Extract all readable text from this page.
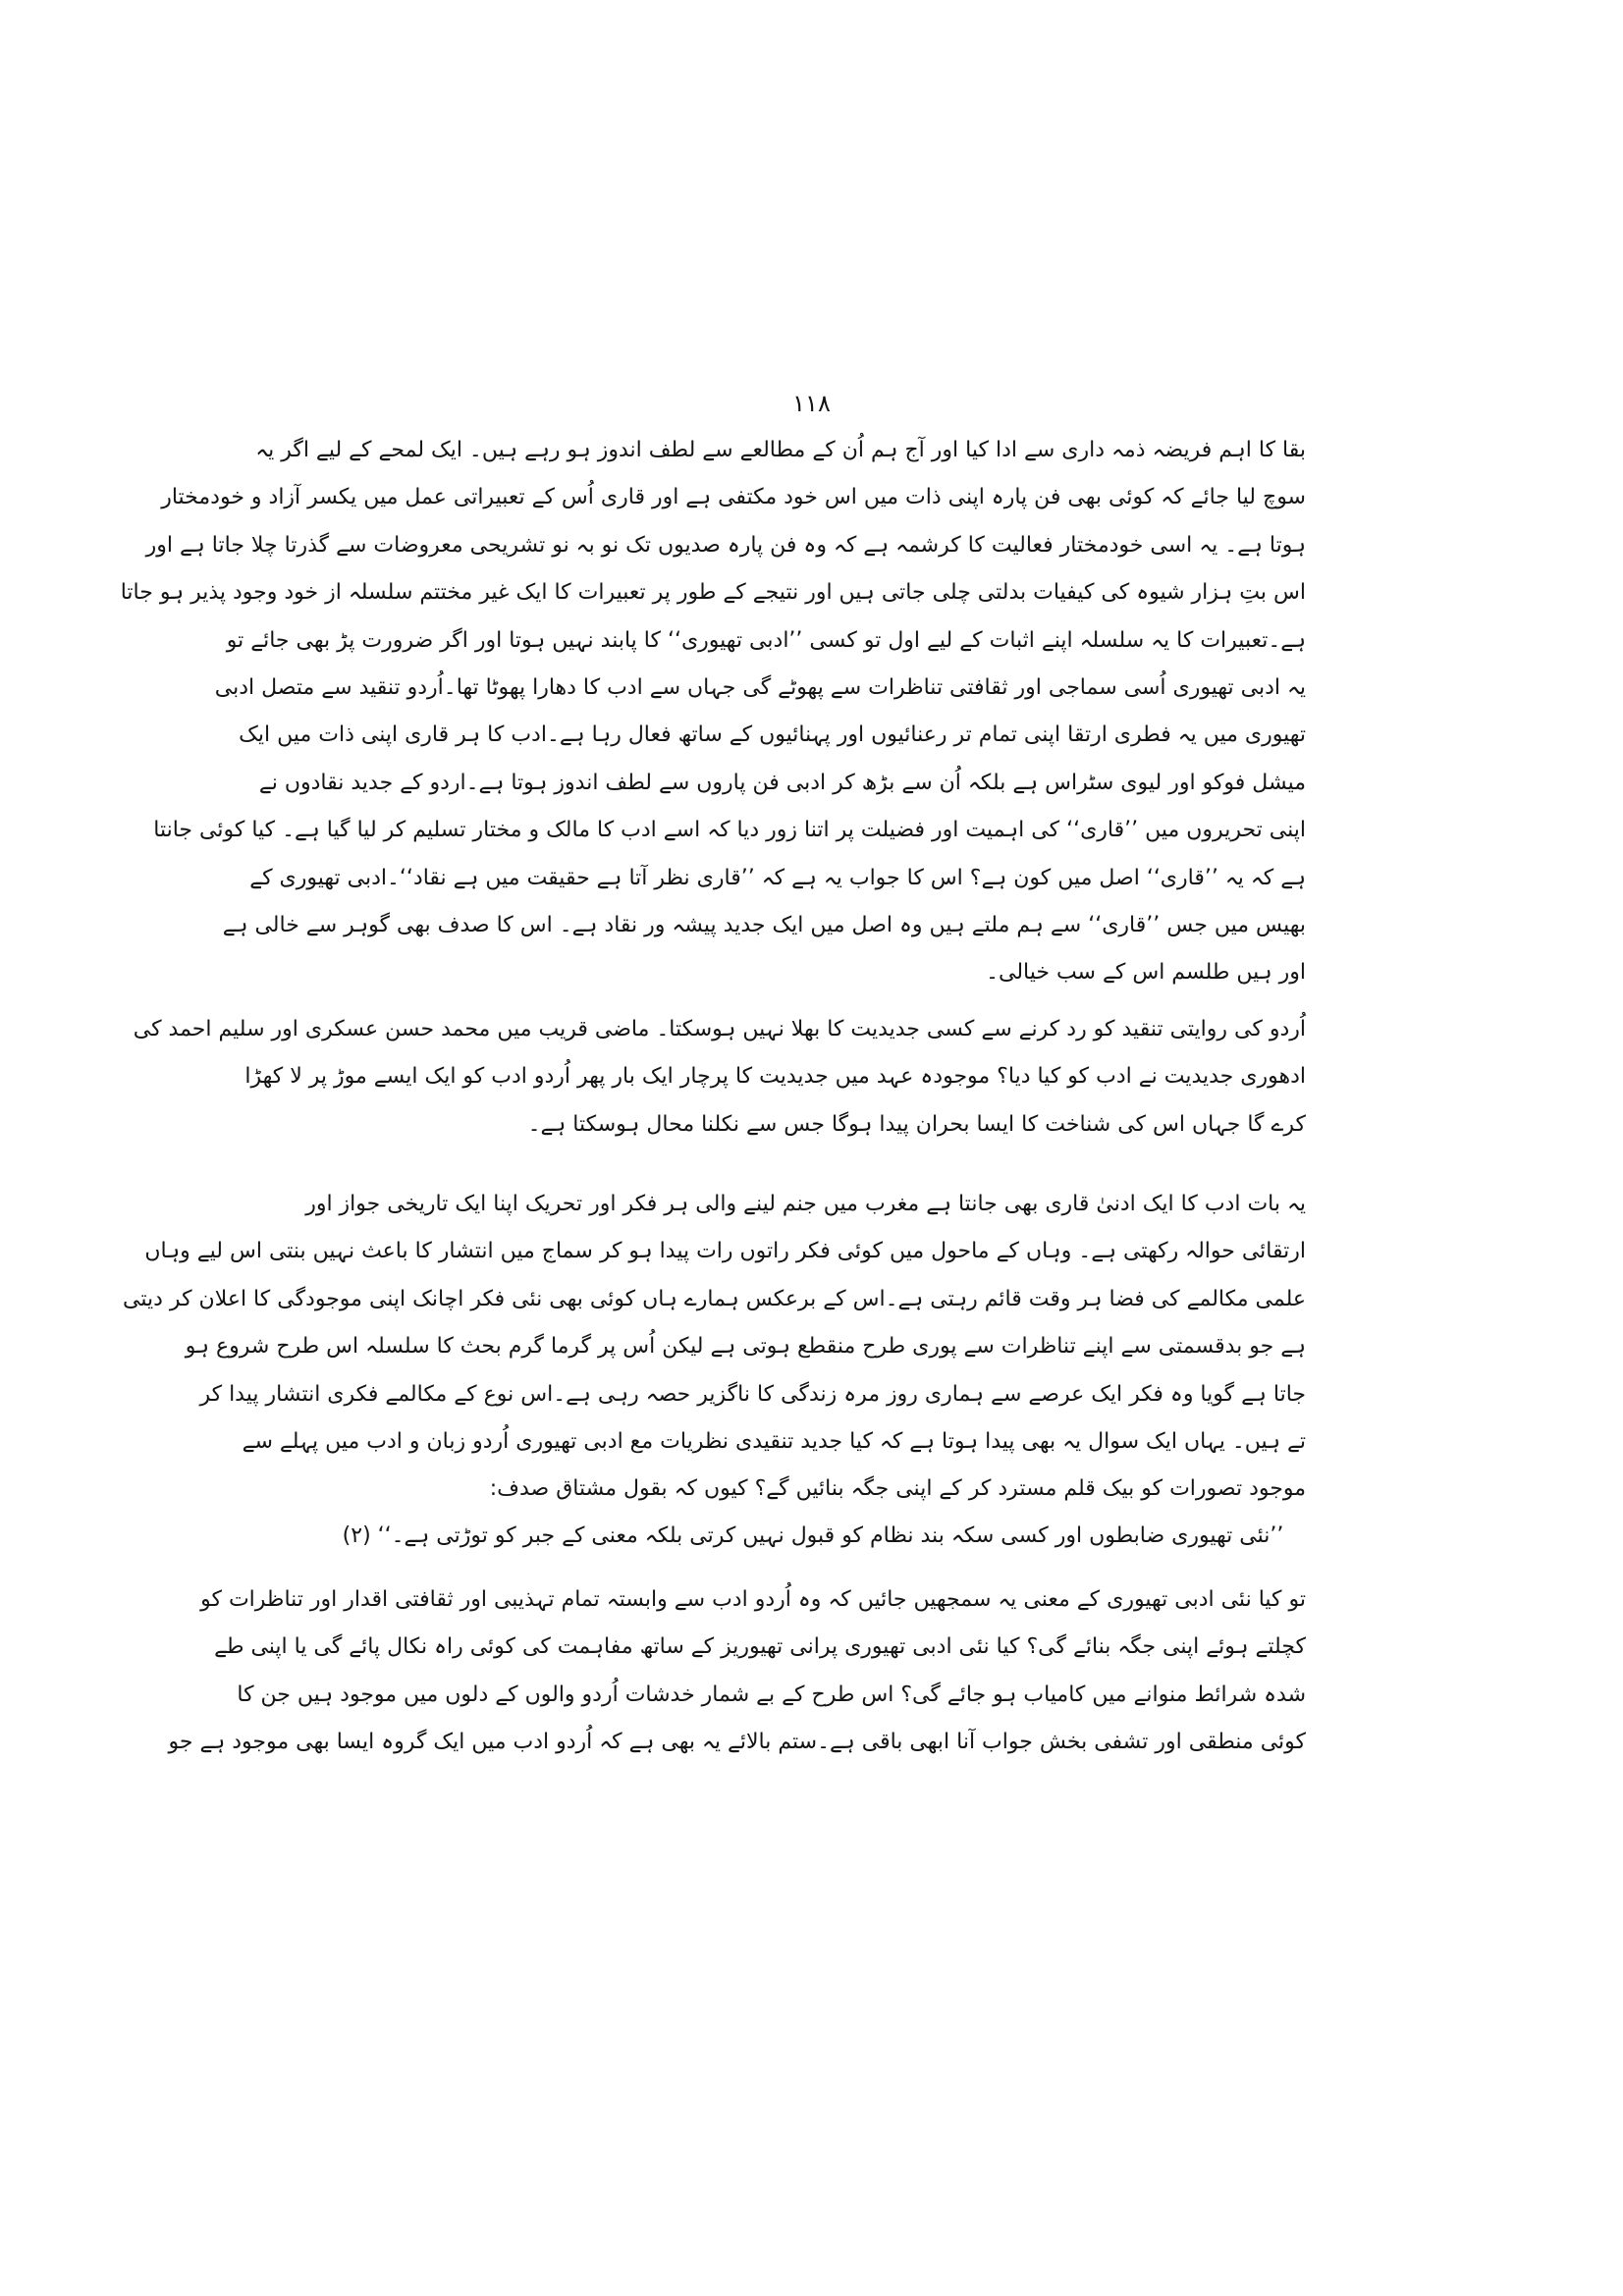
۱۱۸
بقا کا اہم فریضہ ذمہ داری سے ادا کیا اور آج ہم اُن کے مطالعے سے لطف اندوز ہو رہے ہیں۔ ایک لمحے کے لیے اگر یہ
سوچ لیا جائے کہ کوئی بھی فن پارہ اپنی ذات میں اس خود مکتفی ہے اور قاری اُس کے تعبیراتی عمل میں یکسر آزاد و خودمختار
ہوتا ہے۔ یہ اسی خودمختار فعالیت کا کرشمہ ہے کہ وہ فن پارہ صدیوں تک نو بہ نو تشریحی معروضات سے گذرتا چلا جاتا ہے اور
اس بتِ ہزار شیوہ کی کیفیات بدلتی چلی جاتی ہیں اور نتیجے کے طور پر تعبیرات کا ایک غیر مختتم سلسلہ از خود وجود پذیر ہو جاتا
ہے۔تعبیرات کا یہ سلسلہ اپنے اثبات کے لیے اول تو کسی ’’ادبی تھیوری‘‘ کا پابند نہیں ہوتا اور اگر ضرورت پڑ بھی جائے تو
یہ ادبی تھیوری اُسی سماجی اور ثقافتی تناظرات سے پھوٹے گی جہاں سے ادب کا دھارا پھوٹا تھا۔اُردو تنقید سے متصل ادبی
تھیوری میں یہ فطری ارتقا اپنی تمام تر رعنائیوں اور پہنائیوں کے ساتھ فعال رہا ہے۔ادب کا ہر قاری اپنی ذات میں ایک
میشل فوکو اور لیوی سٹراس ہے بلکہ اُن سے بڑھ کر ادبی فن پاروں سے لطف اندوز ہوتا ہے۔اردو کے جدید نقادوں نے
اپنی تحریروں میں ’’قاری‘‘ کی اہمیت اور فضیلت پر اتنا زور دیا کہ اسے ادب کا مالک و مختار تسلیم کر لیا گیا ہے۔ کیا کوئی جانتا
ہے کہ یہ ’’قاری‘‘ اصل میں کون ہے؟ اس کا جواب یہ ہے کہ ’’قاری نظر آتا ہے حقیقت میں ہے نقاد‘‘۔ادبی تھیوری کے
بھیس میں جس ’’قاری‘‘ سے ہم ملتے ہیں وہ اصل میں ایک جدید پیشہ ور نقاد ہے۔ اس کا صدف بھی گوہر سے خالی ہے
اور ہیں طلسم اس کے سب خیالی۔
اُردو کی روایتی تنقید کو رد کرنے سے کسی جدیدیت کا بھلا نہیں ہوسکتا۔ ماضی قریب میں محمد حسن عسکری اور سلیم احمد کی
ادھوری جدیدیت نے ادب کو کیا دیا؟ موجودہ عہد میں جدیدیت کا پرچار ایک بار پھر اُردو ادب کو ایک ایسے موڑ پر لا کھڑا
کرے گا جہاں اس کی شناخت کا ایسا بحران پیدا ہوگا جس سے نکلنا محال ہوسکتا ہے۔
یہ بات ادب کا ایک ادنیٰ قاری بھی جانتا ہے مغرب میں جنم لینے والی ہر فکر اور تحریک اپنا ایک تاریخی جواز اور
ارتقائی حوالہ رکھتی ہے۔ وہاں کے ماحول میں کوئی فکر راتوں رات پیدا ہو کر سماج میں انتشار کا باعث نہیں بنتی اس لیے وہاں
علمی مکالمے کی فضا ہر وقت قائم رہتی ہے۔اس کے برعکس ہمارے ہاں کوئی بھی نئی فکر اچانک اپنی موجودگی کا اعلان کر دیتی
ہے جو بدقسمتی سے اپنے تناظرات سے پوری طرح منقطع ہوتی ہے لیکن اُس پر گرما گرم بحث کا سلسلہ اس طرح شروع ہو
جاتا ہے گویا وہ فکر ایک عرصے سے ہماری روز مرہ زندگی کا ناگزیر حصہ رہی ہے۔اس نوع کے مکالمے فکری انتشار پیدا کر
تے ہیں۔ یہاں ایک سوال یہ بھی پیدا ہوتا ہے کہ کیا جدید تنقیدی نظریات مع ادبی تھیوری اُردو زبان و ادب میں پہلے سے
موجود تصورات کو بیک قلم مسترد کر کے اپنی جگہ بنائیں گے؟ کیوں کہ بقول مشتاق صدف:
’’نئی تھیوری ضابطوں اور کسی سکہ بند نظام کو قبول نہیں کرتی بلکہ معنی کے جبر کو توڑتی ہے۔‘‘ (۲)
تو کیا نئی ادبی تھیوری کے معنی یہ سمجھیں جائیں کہ وہ اُردو ادب سے وابستہ تمام تہذیبی اور ثقافتی اقدار اور تناظرات کو
کچلتے ہوئے اپنی جگہ بنائے گی؟ کیا نئی ادبی تھیوری پرانی تھیوریز کے ساتھ مفاہمت کی کوئی راہ نکال پائے گی یا اپنی طے
شدہ شرائط منوانے میں کامیاب ہو جائے گی؟ اس طرح کے بے شمار خدشات اُردو والوں کے دلوں میں موجود ہیں جن کا
کوئی منطقی اور تشفی بخش جواب آنا ابھی باقی ہے۔ستم بالائے یہ بھی ہے کہ اُردو ادب میں ایک گروہ ایسا بھی موجود ہے جو
